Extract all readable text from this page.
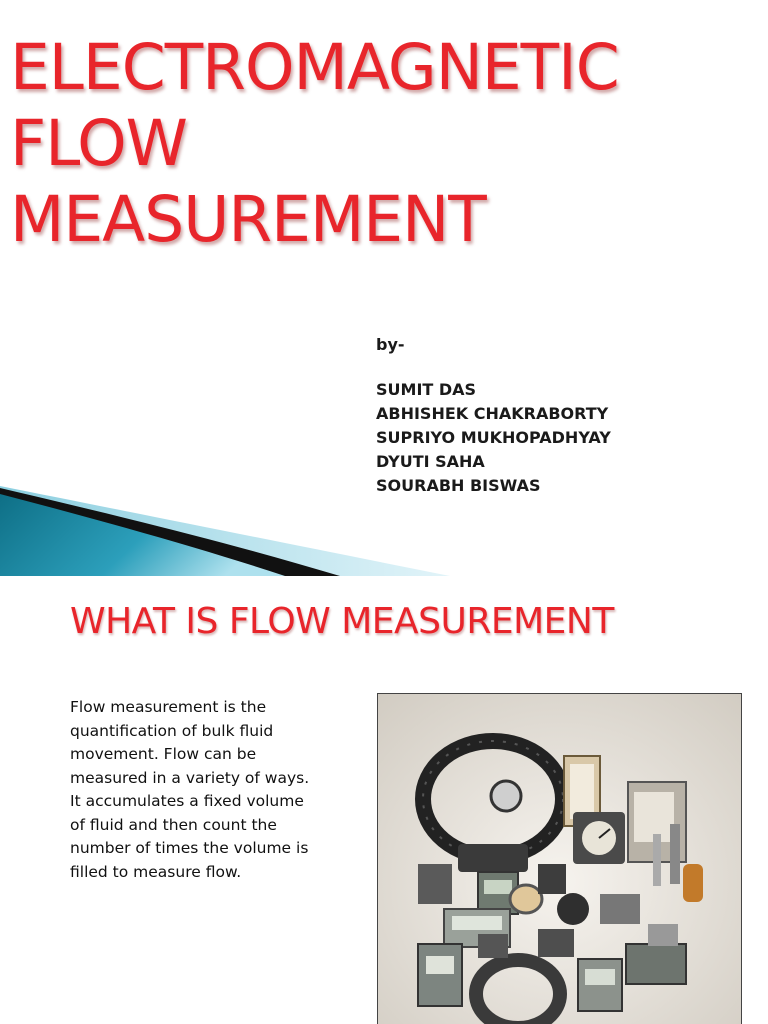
ELECTROMAGNETIC
FLOW
MEASUREMENT
by-
SUMIT DAS
ABHISHEK CHAKRABORTY
SUPRIYO MUKHOPADHYAY
DYUTI SAHA
SOURABH BISWAS
WHAT IS FLOW MEASUREMENT

Flow measurement is the quantification of bulk fluid movement. Flow can be measured in a variety of ways. It accumulates a fixed volume of fluid and then count the number of times the volume is filled to measure flow.
